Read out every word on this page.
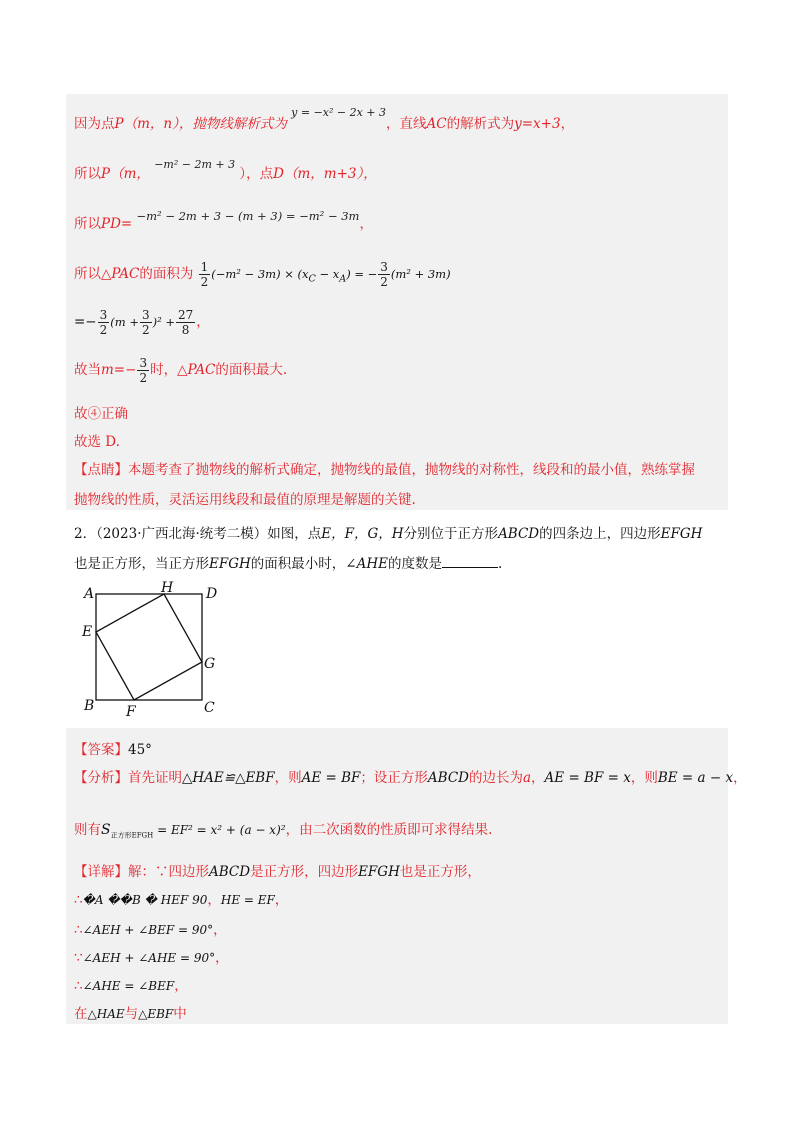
因为点P（m，n），抛物线解析式为 $^{y = -x^2 - 2x + 3}$，直线AC的解析式为y=x+3，
所以P（m， $^{-m^2 - 2m + 3}$ ），点D（m，m+3），
所以PD= −m² − 2m + 3 − (m + 3) = −m² − 3m，
所以△PAC的面积为 $\frac{1}{2} (-m^2 - 3m) \times (x_C - x_A)$ = − $\frac{3}{2} (m^2 + 3m)$
=− $\frac{3}{2} (m + \frac{3}{2} )^2 + \frac{27}{8}$ ，
故当$m=- \frac{3}{2}$ 时，△PAC的面积最大.
故④正确
故选 D.
【点睛】本题考查了抛物线的解析式确定，抛物线的最值，抛物线的对称性，线段和的最小值，熟练掌握
抛物线的性质，灵活运用线段和最值的原理是解题的关键.
2．（2023·广西北海·统考二模）如图，点E，F，G，H分别位于正方形ABCD的四条边上，四边形EFGH
也是正方形，当正方形EFGH的面积最小时，∠AHE的度数是	.
A	H D
E
G
B F	C
【答案】45°
【分析】首先证明△HAE≌△EBF，则AE = BF；设正方形ABCD的边长为a，AE = BF = x，则BE = a − x，
则有$S_{正方形EFGH} = EF^2 = x^2 + (a - x)^2$，由二次函数的性质即可求得结果.
【详解】解：∵四边形ABCD是正方形，四边形EFGH也是正方形，
∴�A ��B � HEF 90，HE = EF，
∴∠AEH + ∠BEF = 90°，
∵∠AEH + ∠AHE = 90°，
∴∠AHE = ∠BEF，
在△HAE与△EBF中
